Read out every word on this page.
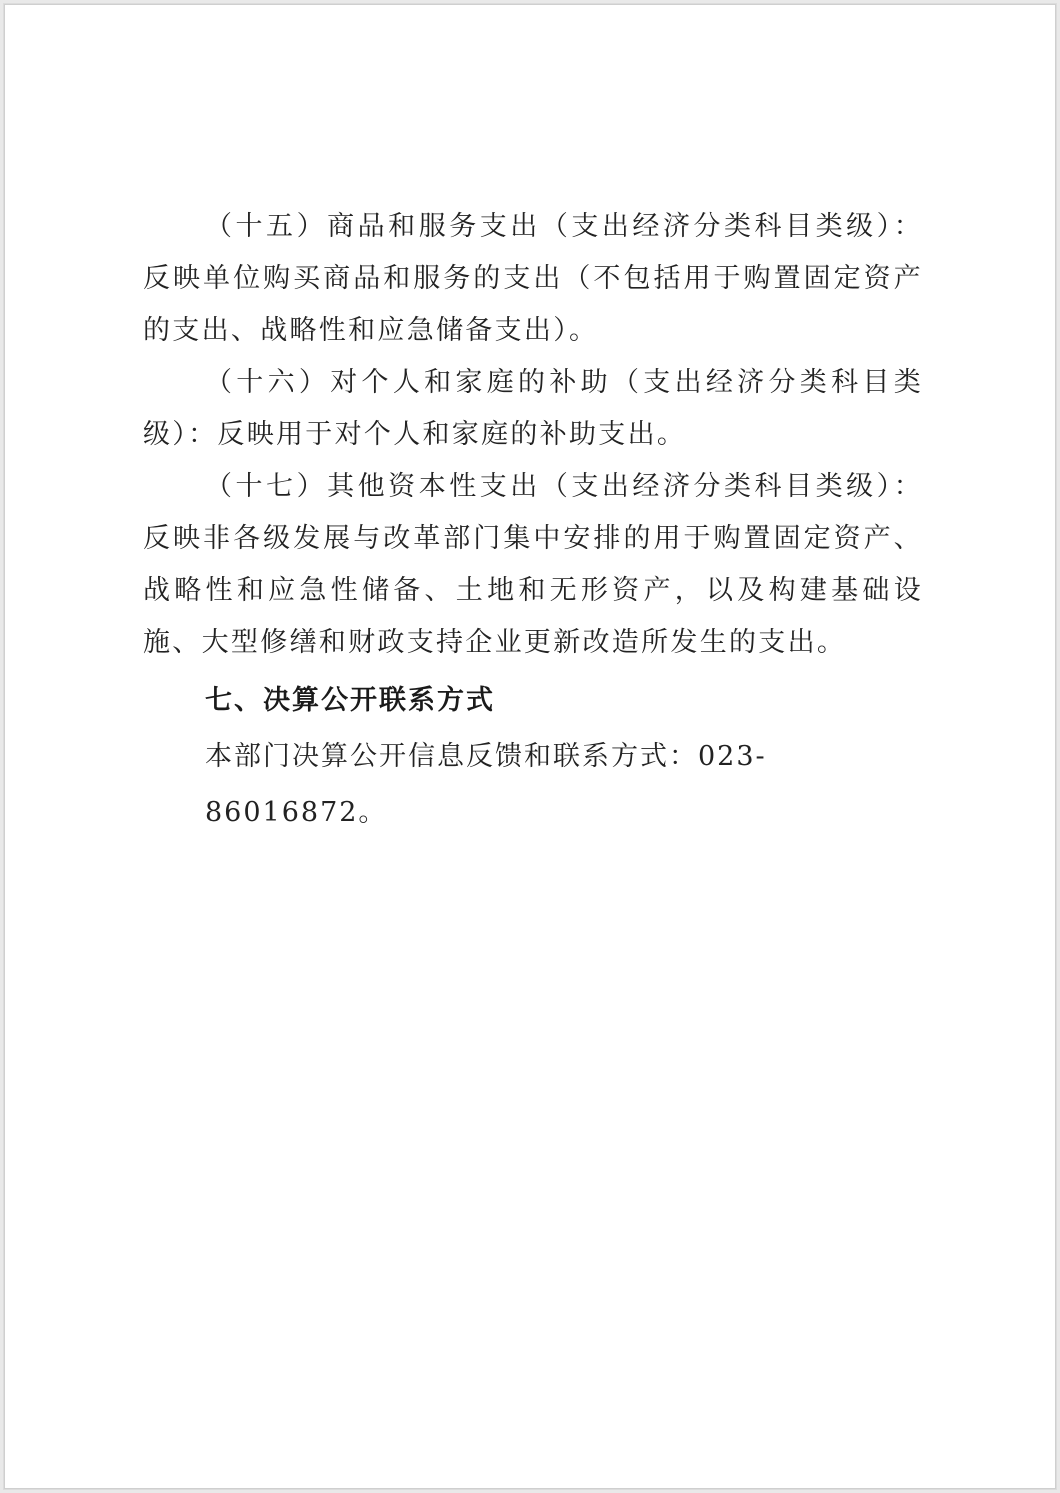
（十五）商品和服务支出（支出经济分类科目类级）：反映单位购买商品和服务的支出（不包括用于购置固定资产的支出、战略性和应急储备支出）。

（十六）对个人和家庭的补助（支出经济分类科目类级）：反映用于对个人和家庭的补助支出。

（十七）其他资本性支出（支出经济分类科目类级）：反映非各级发展与改革部门集中安排的用于购置固定资产、战略性和应急性储备、土地和无形资产，以及构建基础设施、大型修缮和财政支持企业更新改造所发生的支出。

七、决算公开联系方式

本部门决算公开信息反馈和联系方式：023-86016872。
